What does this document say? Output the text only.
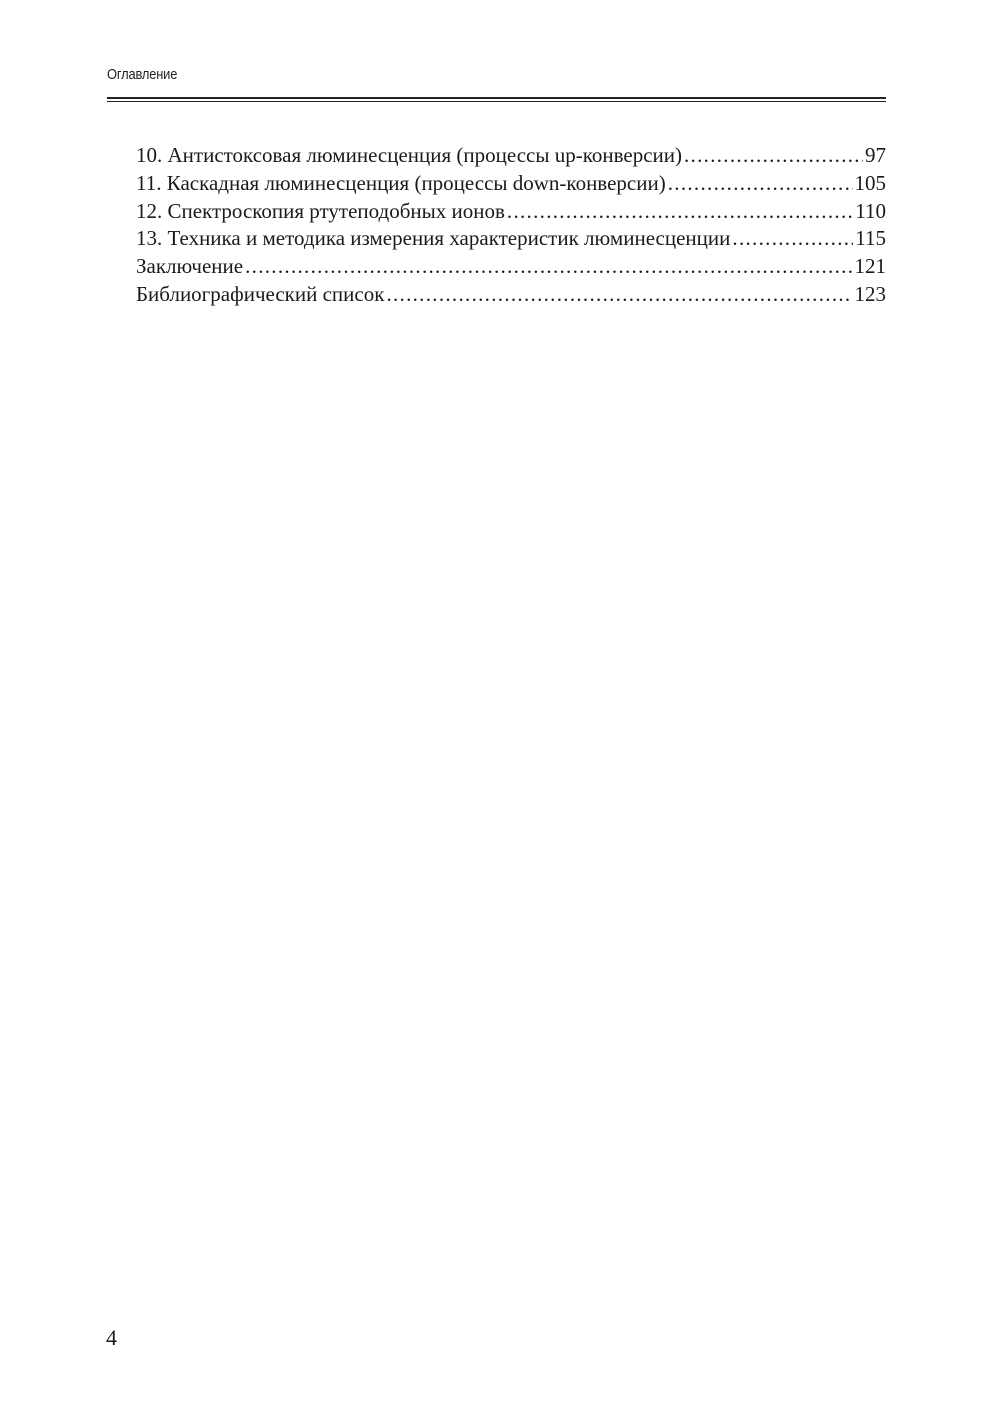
Оглавление
10. Антистоксовая люминесценция (процессы up-конверсии) .....	97
11. Каскадная люминесценция (процессы down-конверсии) .....	105
12. Спектроскопия ртутеподобных ионов .....	110
13. Техника и методика измерения характеристик люминесценции .....	115
Заключение .....	121
Библиографический список .....	123
4
